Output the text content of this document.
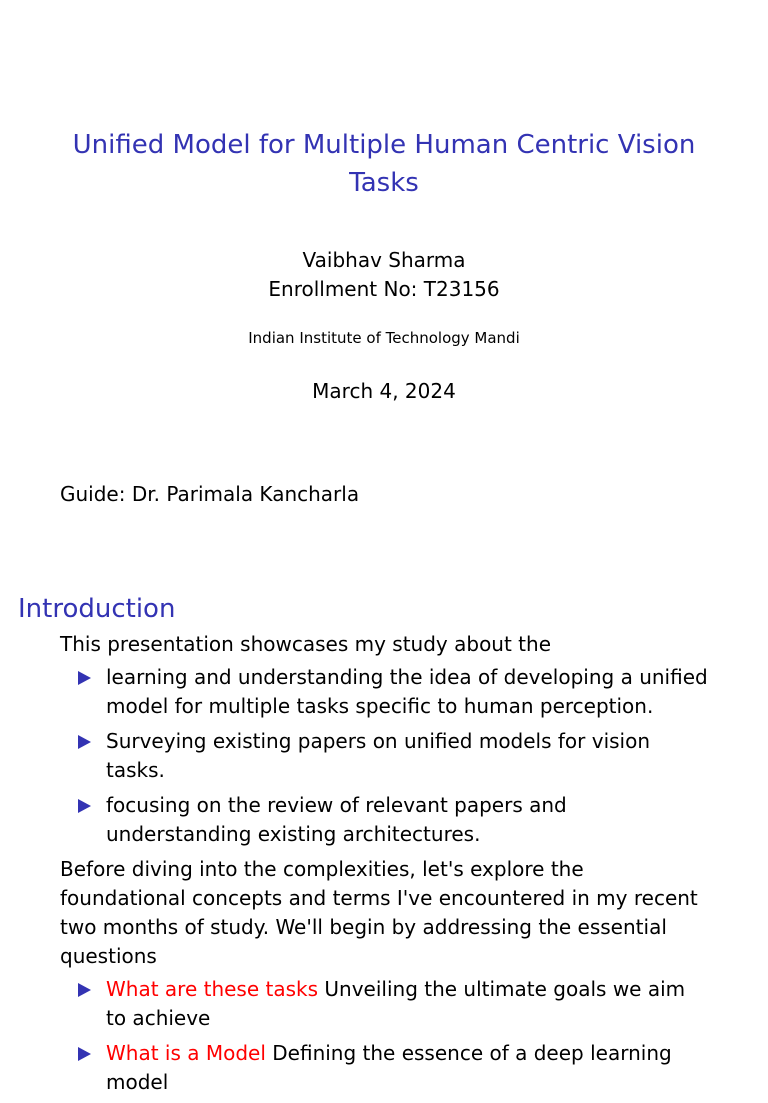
Unified Model for Multiple Human Centric Vision Tasks
Vaibhav Sharma
Enrollment No: T23156
Indian Institute of Technology Mandi
March 4, 2024
Guide: Dr. Parimala Kancharla
Introduction

This presentation showcases my study about the

learning and understanding the idea of developing a unified model for multiple tasks specific to human perception.
Surveying existing papers on unified models for vision tasks.
focusing on the review of relevant papers and understanding existing architectures.

Before diving into the complexities, let's explore the foundational concepts and terms I've encountered in my recent two months of study. We'll begin by addressing the essential questions

What are these tasks Unveiling the ultimate goals we aim to achieve
What is a Model Defining the essence of a deep learning model
